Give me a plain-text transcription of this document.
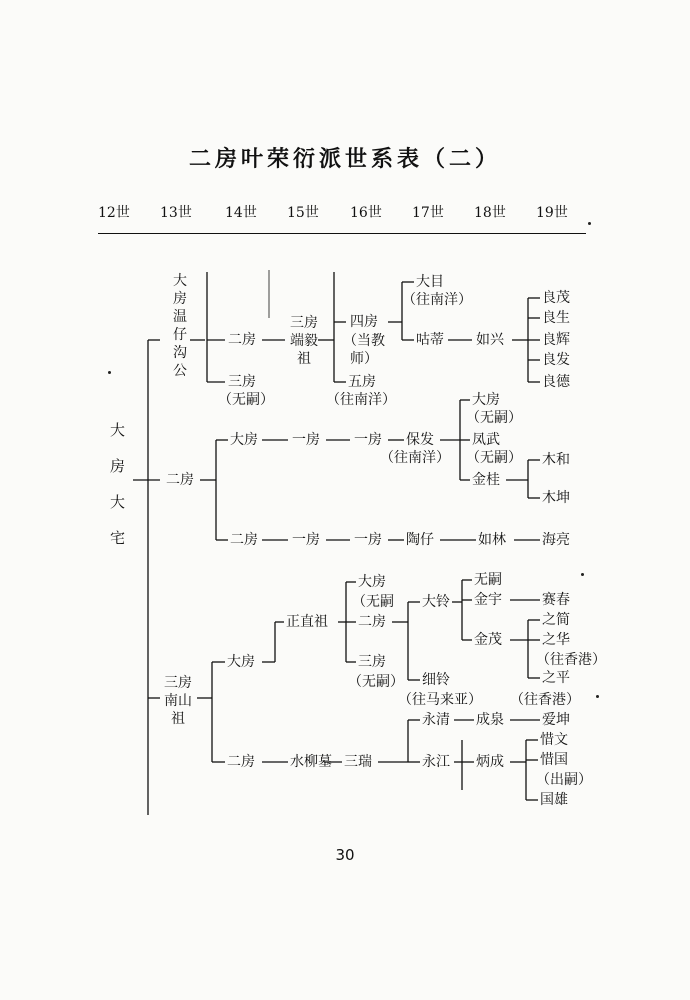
二房叶荣衍派世系表（二）
12世 13世 14世 15世 16世 17世 18世 19世
大房大宅
大房温仔沟公
二房
三房
（无嗣）
三房端毅祖
四房
（当教师）
五房
（往南洋）
大目
（往南洋）
咕蒂 如兴
良茂
良生
良辉
良发
良德
二房
大房 一房 一房 保发
（往南洋）
大房
（无嗣）
凤武
（无嗣）
金桂
木和
木坤
二房 一房 一房 陶仔	如林	海亮
三房南山祖
大房
正直祖
大房
（无嗣
二房
三房
（无嗣）
大铃
细铃
（往马来亚）
无嗣
金宇
金茂
赛春
之简
之华
（往香港）
之平
（往香港）
二房	水柳墓 三瑞
永清 成泉	爱坤
永江 炳成
惜文
惜国
（出嗣）
国雄
30
